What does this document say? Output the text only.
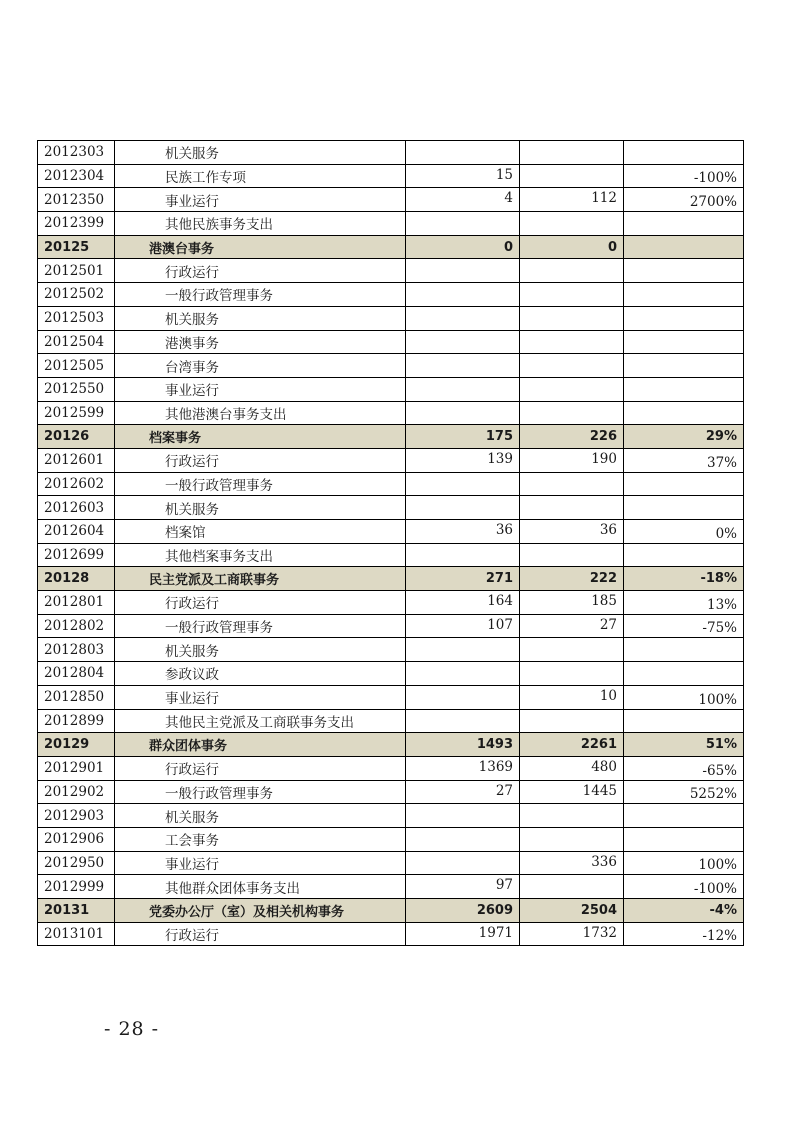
2012303	机关服务			
2012304	民族工作专项	15		-100%
2012350	事业运行	4	112	2700%
2012399	其他民族事务支出			
20125	港澳台事务	0	0	
2012501	行政运行			
2012502	一般行政管理事务			
2012503	机关服务			
2012504	港澳事务			
2012505	台湾事务			
2012550	事业运行			
2012599	其他港澳台事务支出			
20126	档案事务	175	226	29%
2012601	行政运行	139	190	37%
2012602	一般行政管理事务			
2012603	机关服务			
2012604	档案馆	36	36	0%
2012699	其他档案事务支出			
20128	民主党派及工商联事务	271	222	-18%
2012801	行政运行	164	185	13%
2012802	一般行政管理事务	107	27	-75%
2012803	机关服务			
2012804	参政议政			
2012850	事业运行		10	100%
2012899	其他民主党派及工商联事务支出			
20129	群众团体事务	1493	2261	51%
2012901	行政运行	1369	480	-65%
2012902	一般行政管理事务	27	1445	5252%
2012903	机关服务			
2012906	工会事务			
2012950	事业运行		336	100%
2012999	其他群众团体事务支出	97		-100%
20131	党委办公厅（室）及相关机构事务	2609	2504	-4%
2013101	行政运行	1971	1732	-12%
- 28 -
